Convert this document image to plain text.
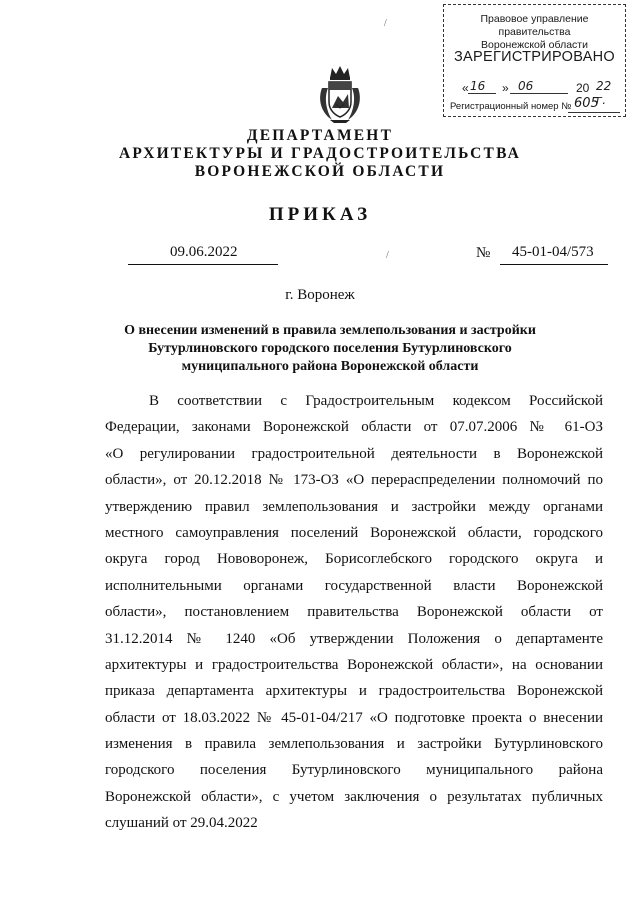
Правовое управление правительства
Воронежской области
ЗАРЕГИСТРИРОВАНО
« 16 » 06	20 22 г.
Регистрационный номер № 605
/
ДЕПАРТАМЕНТ
АРХИТЕКТУРЫ И ГРАДОСТРОИТЕЛЬСТВА
ВОРОНЕЖСКОЙ ОБЛАСТИ
ПРИКАЗ
09.06.2022	/	№ 45-01-04/573
г. Воронеж
О внесении изменений в правила землепользования и застройки
Бутурлиновского городского поселения Бутурлиновского
муниципального района Воронежской области
В соответствии с Градостроительным кодексом Российской
Федерации, законами Воронежской области от 07.07.2006 № 61-ОЗ
«О регулировании градостроительной деятельности в Воронежской
области», от 20.12.2018 № 173-ОЗ «О перераспределении полномочий по
утверждению правил землепользования и застройки между органами
местного самоуправления поселений Воронежской области, городского
округа город Нововоронеж, Борисоглебского городского округа и
исполнительными органами государственной власти Воронежской
области», постановлением правительства Воронежской области от
31.12.2014 № 1240 «Об утверждении Положения о департаменте
архитектуры и градостроительства Воронежской области», на основании
приказа департамента архитектуры и градостроительства Воронежской
области от 18.03.2022 № 45-01-04/217 «О подготовке проекта о внесении
изменения в правила землепользования и застройки Бутурлиновского
городского поселения Бутурлиновского муниципального района
Воронежской области», с учетом заключения о результатах публичных
слушаний от 29.04.2022
